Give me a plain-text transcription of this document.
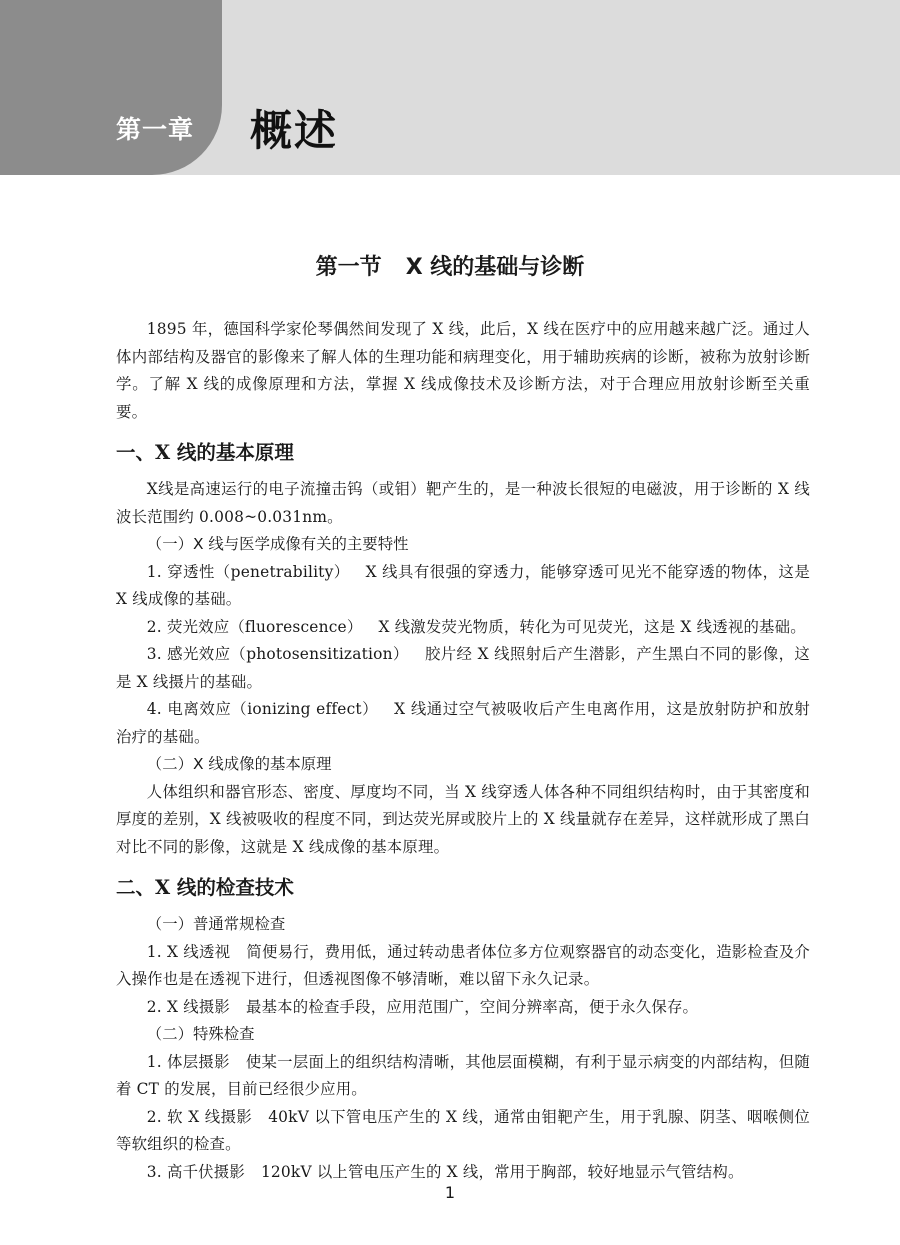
第一章 概述
第一节 X 线的基础与诊断

1895 年，德国科学家伦琴偶然间发现了 X 线，此后，X 线在医疗中的应用越来越广泛。通过人体内部结构及器官的影像来了解人体的生理功能和病理变化，用于辅助疾病的诊断，被称为放射诊断学。了解 X 线的成像原理和方法，掌握 X 线成像技术及诊断方法，对于合理应用放射诊断至关重要。

一、X 线的基本原理

X线是高速运行的电子流撞击钨（或钼）靶产生的，是一种波长很短的电磁波，用于诊断的 X 线波长范围约 0.008~0.031nm。

（一）X 线与医学成像有关的主要特性

1. 穿透性（penetrability） X 线具有很强的穿透力，能够穿透可见光不能穿透的物体，这是 X 线成像的基础。

2. 荧光效应（fluorescence） X 线激发荧光物质，转化为可见荧光，这是 X 线透视的基础。

3. 感光效应（photosensitization） 胶片经 X 线照射后产生潜影，产生黑白不同的影像，这是 X 线摄片的基础。

4. 电离效应（ionizing effect） X 线通过空气被吸收后产生电离作用，这是放射防护和放射治疗的基础。

（二）X 线成像的基本原理

人体组织和器官形态、密度、厚度均不同，当 X 线穿透人体各种不同组织结构时，由于其密度和厚度的差别，X 线被吸收的程度不同，到达荧光屏或胶片上的 X 线量就存在差异，这样就形成了黑白对比不同的影像，这就是 X 线成像的基本原理。

二、X 线的检查技术
（一）普通常规检查

1. X 线透视 简便易行，费用低，通过转动患者体位多方位观察器官的动态变化，造影检查及介入操作也是在透视下进行，但透视图像不够清晰，难以留下永久记录。

2. X 线摄影 最基本的检查手段，应用范围广，空间分辨率高，便于永久保存。

（二）特殊检查

1. 体层摄影 使某一层面上的组织结构清晰，其他层面模糊，有利于显示病变的内部结构，但随着 CT 的发展，目前已经很少应用。

2. 软 X 线摄影 40kV 以下管电压产生的 X 线，通常由钼靶产生，用于乳腺、阴茎、咽喉侧位等软组织的检查。

3. 高千伏摄影 120kV 以上管电压产生的 X 线，常用于胸部，较好地显示气管结构。

1
